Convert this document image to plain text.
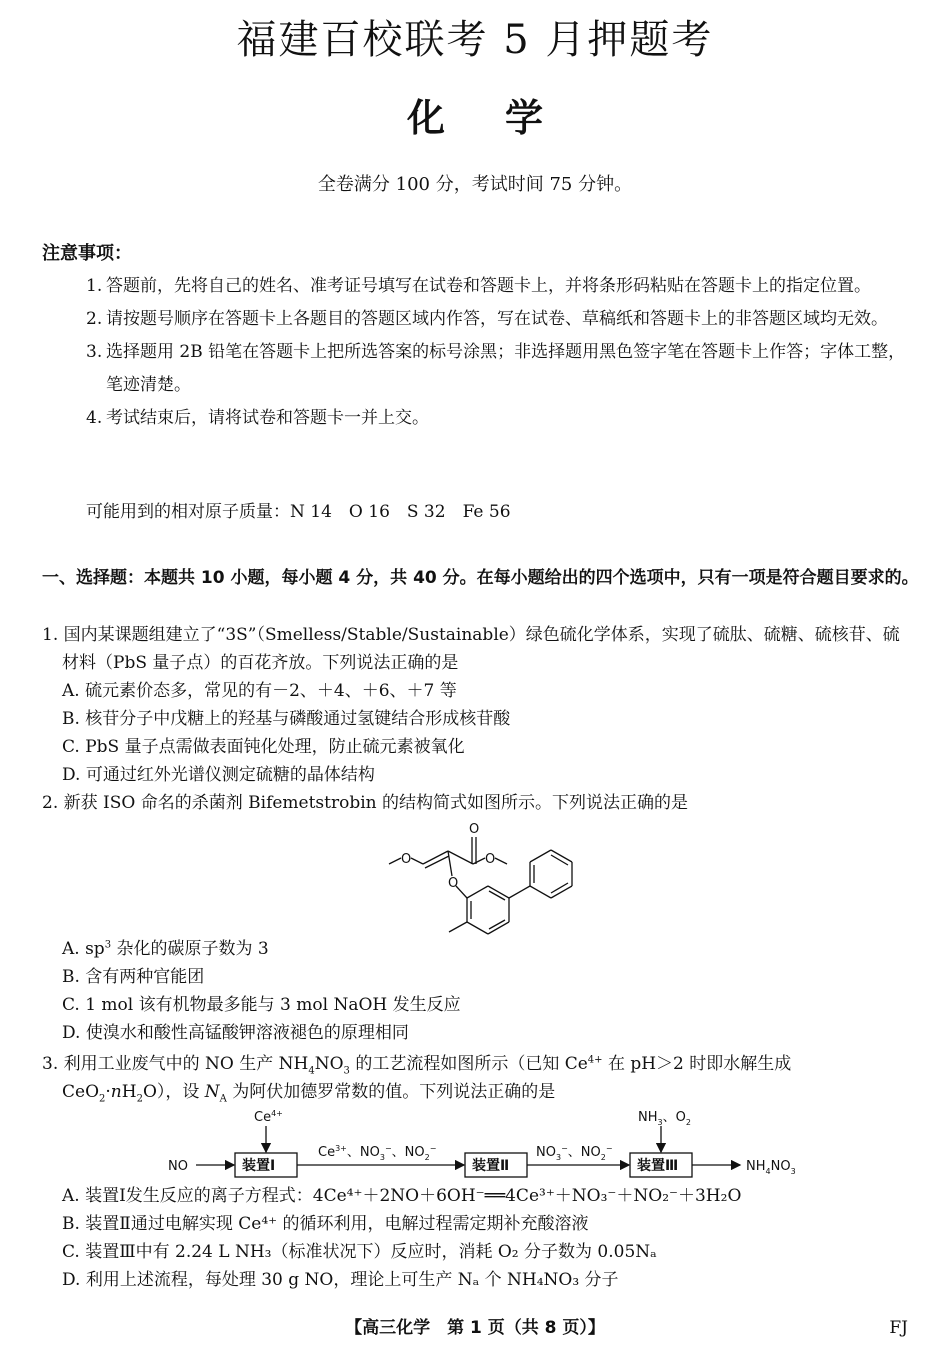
福建百校联考 5 月押题考
化学
全卷满分 100 分，考试时间 75 分钟。
注意事项：
1. 答题前，先将自己的姓名、准考证号填写在试卷和答题卡上，并将条形码粘贴在答题卡上的指定位置。
2. 请按题号顺序在答题卡上各题目的答题区域内作答，写在试卷、草稿纸和答题卡上的非答题区域均无效。
3. 选择题用 2B 铅笔在答题卡上把所选答案的标号涂黑；非选择题用黑色签字笔在答题卡上作答；字体工整，笔迹清楚。
4. 考试结束后，请将试卷和答题卡一并上交。
可能用到的相对原子质量：N 14　O 16　S 32　Fe 56
一、选择题：本题共 10 小题，每小题 4 分，共 40 分。在每小题给出的四个选项中，只有一项是符合题目要求的。
1. 国内某课题组建立了“3S”（Smelless/Stable/Sustainable）绿色硫化学体系，实现了硫肽、硫糖、硫核苷、硫材料（PbS 量子点）的百花齐放。下列说法正确的是
A. 硫元素价态多，常见的有－2、＋4、＋6、＋7 等
B. 核苷分子中戊糖上的羟基与磷酸通过氢键结合形成核苷酸
C. PbS 量子点需做表面钝化处理，防止硫元素被氧化
D. 可通过红外光谱仪测定硫糖的晶体结构
2. 新获 ISO 命名的杀菌剂 Bifemetstrobin 的结构简式如图所示。下列说法正确的是
O
O
O
O
A. $sp^3$ 杂化的碳原子数为 3
B. 含有两种官能团
C. 1 mol 该有机物最多能与 3 mol NaOH 发生反应
D. 使溴水和酸性高锰酸钾溶液褪色的原理相同
3. 利用工业废气中的 NO 生产 $NH_4NO_3$ 的工艺流程如图所示（已知 $Ce^{4+}$ 在 pH＞2 时即水解生成 $CeO_2\cdot nH_2O$），设 $N_A$ 为阿伏加德罗常数的值。下列说法正确的是
NO	装置Ⅰ	装置Ⅱ	装置Ⅲ
$Ce^{4+}$	$NH_3$、$O_2$
$Ce^{3+}$、$NO_3^-$、$NO_2^-$	$NO_3^-$、$NO_2^-$
$NH_4NO_3$
A. 装置Ⅰ发生反应的离子方程式：4Ce⁴⁺＋2NO＋6OH⁻══4Ce³⁺＋NO₃⁻＋NO₂⁻＋3H₂O
B. 装置Ⅱ通过电解实现 Ce⁴⁺ 的循环利用，电解过程需定期补充酸溶液
C. 装置Ⅲ中有 2.24 L NH₃（标准状况下）反应时，消耗 O₂ 分子数为 0.05Nₐ
D. 利用上述流程，每处理 30 g NO，理论上可生产 Nₐ 个 NH₄NO₃ 分子
【高三化学　第 1 页（共 8 页）】	FJ
